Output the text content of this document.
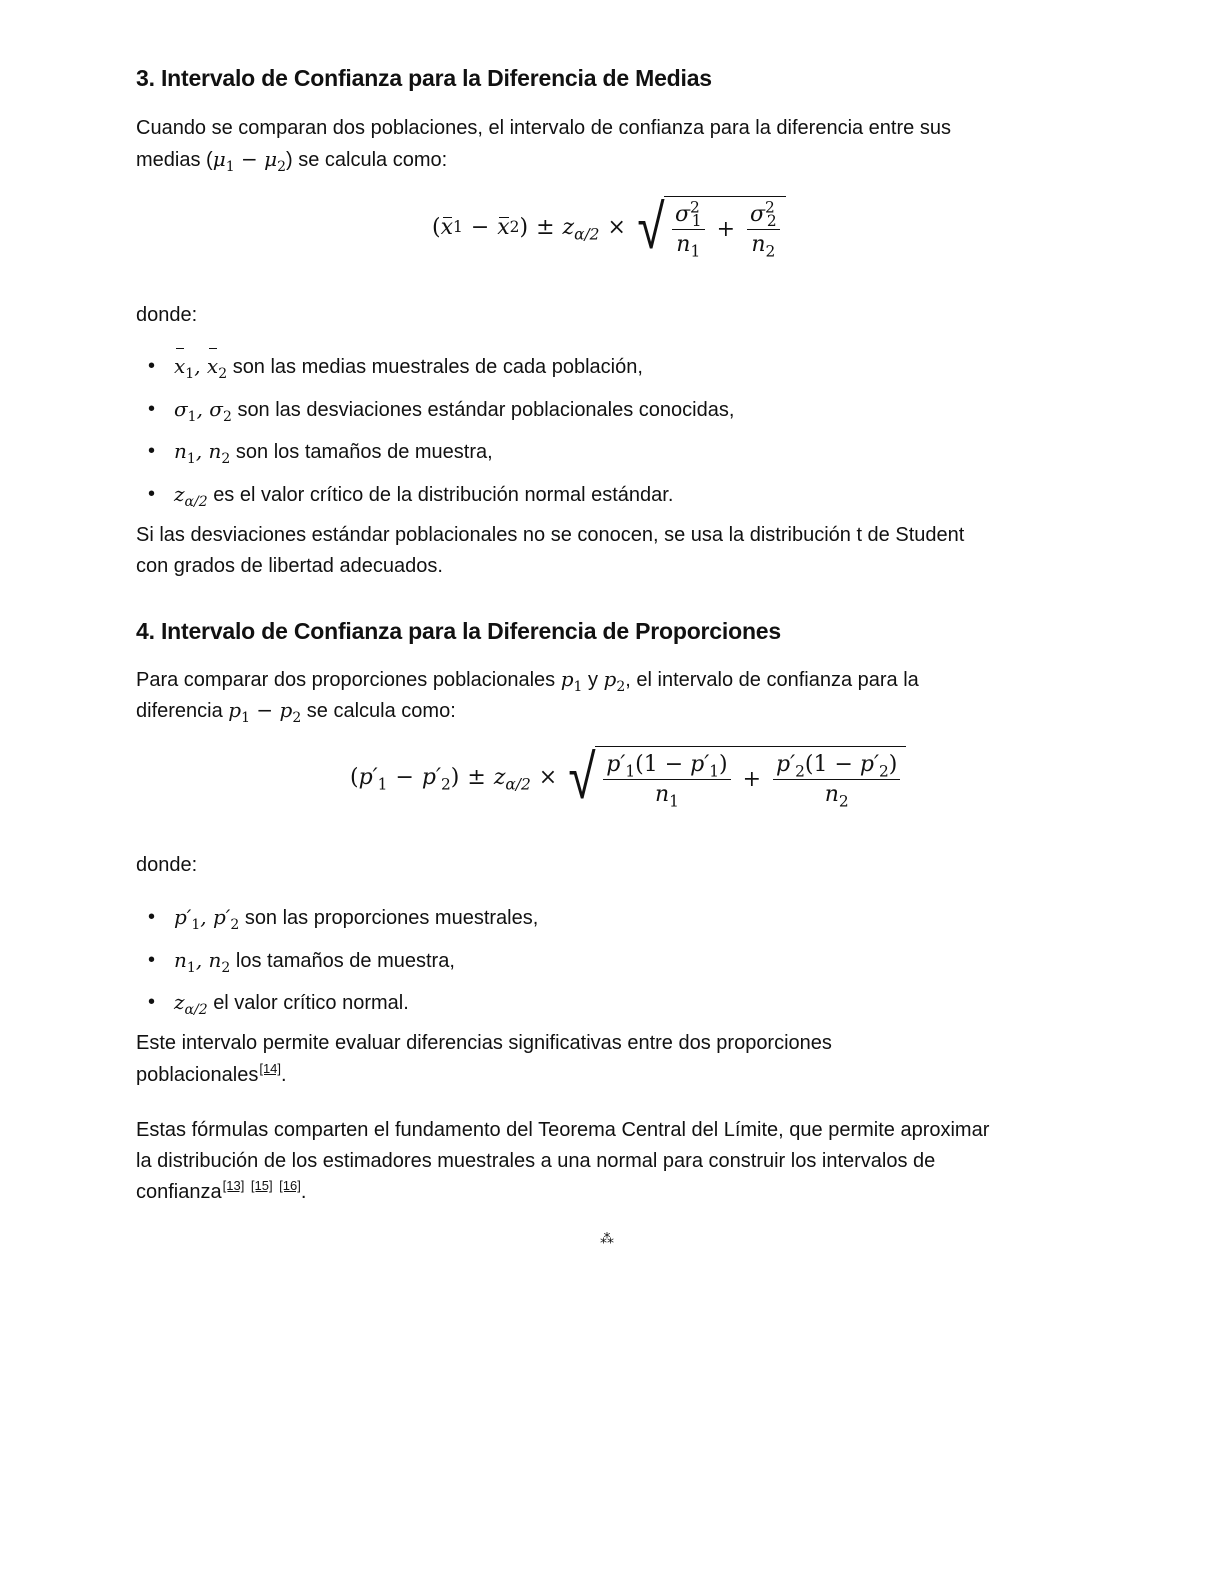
3. Intervalo de Confianza para la Diferencia de Medias

Cuando se comparan dos poblaciones, el intervalo de confianza para la diferencia entre sus

medias $(\mu_1 - \mu_2)$ se calcula como:

( x 1 − x 2 ) ± $z_{\alpha/2}$ × √ $\frac{\sigma^2_1}{n_1} + \frac{\sigma^2_2}{n_2}$

donde:

• $x_1$, $x_2$ son las medias muestrales de cada población,
• $\sigma_1$, $\sigma_2$ son las desviaciones estándar poblacionales conocidas,
• $n_1$, $n_2$ son los tamaños de muestra,
• $z_{\alpha/2}$ es el valor crítico de la distribución normal estándar.

Si las desviaciones estándar poblacionales no se conocen, se usa la distribución t de Student

con grados de libertad adecuados.

4. Intervalo de Confianza para la Diferencia de Proporciones

Para comparar dos proporciones poblacionales $p_1$ y $p_2$, el intervalo de confianza para la

diferencia $p_1 - p_2$ se calcula como:

( $p'_1 - p'_2$ ) ± $z_{\alpha/2}$ × √ $\frac{p'_1(1 - p'_1)}{n_1} + \frac{p'_2(1 - p'_2)}{n_2}$

donde:

• $p'_1$, $p'_2$ son las proporciones muestrales,
• $n_1$, $n_2$ los tamaños de muestra,
• $z_{\alpha/2}$ el valor crítico normal.

Este intervalo permite evaluar diferencias significativas entre dos proporciones

poblacionales[14].

Estas fórmulas comparten el fundamento del Teorema Central del Límite, que permite aproximar

la distribución de los estimadores muestrales a una normal para construir los intervalos de

confianza[13] [15] [16].

⁂
